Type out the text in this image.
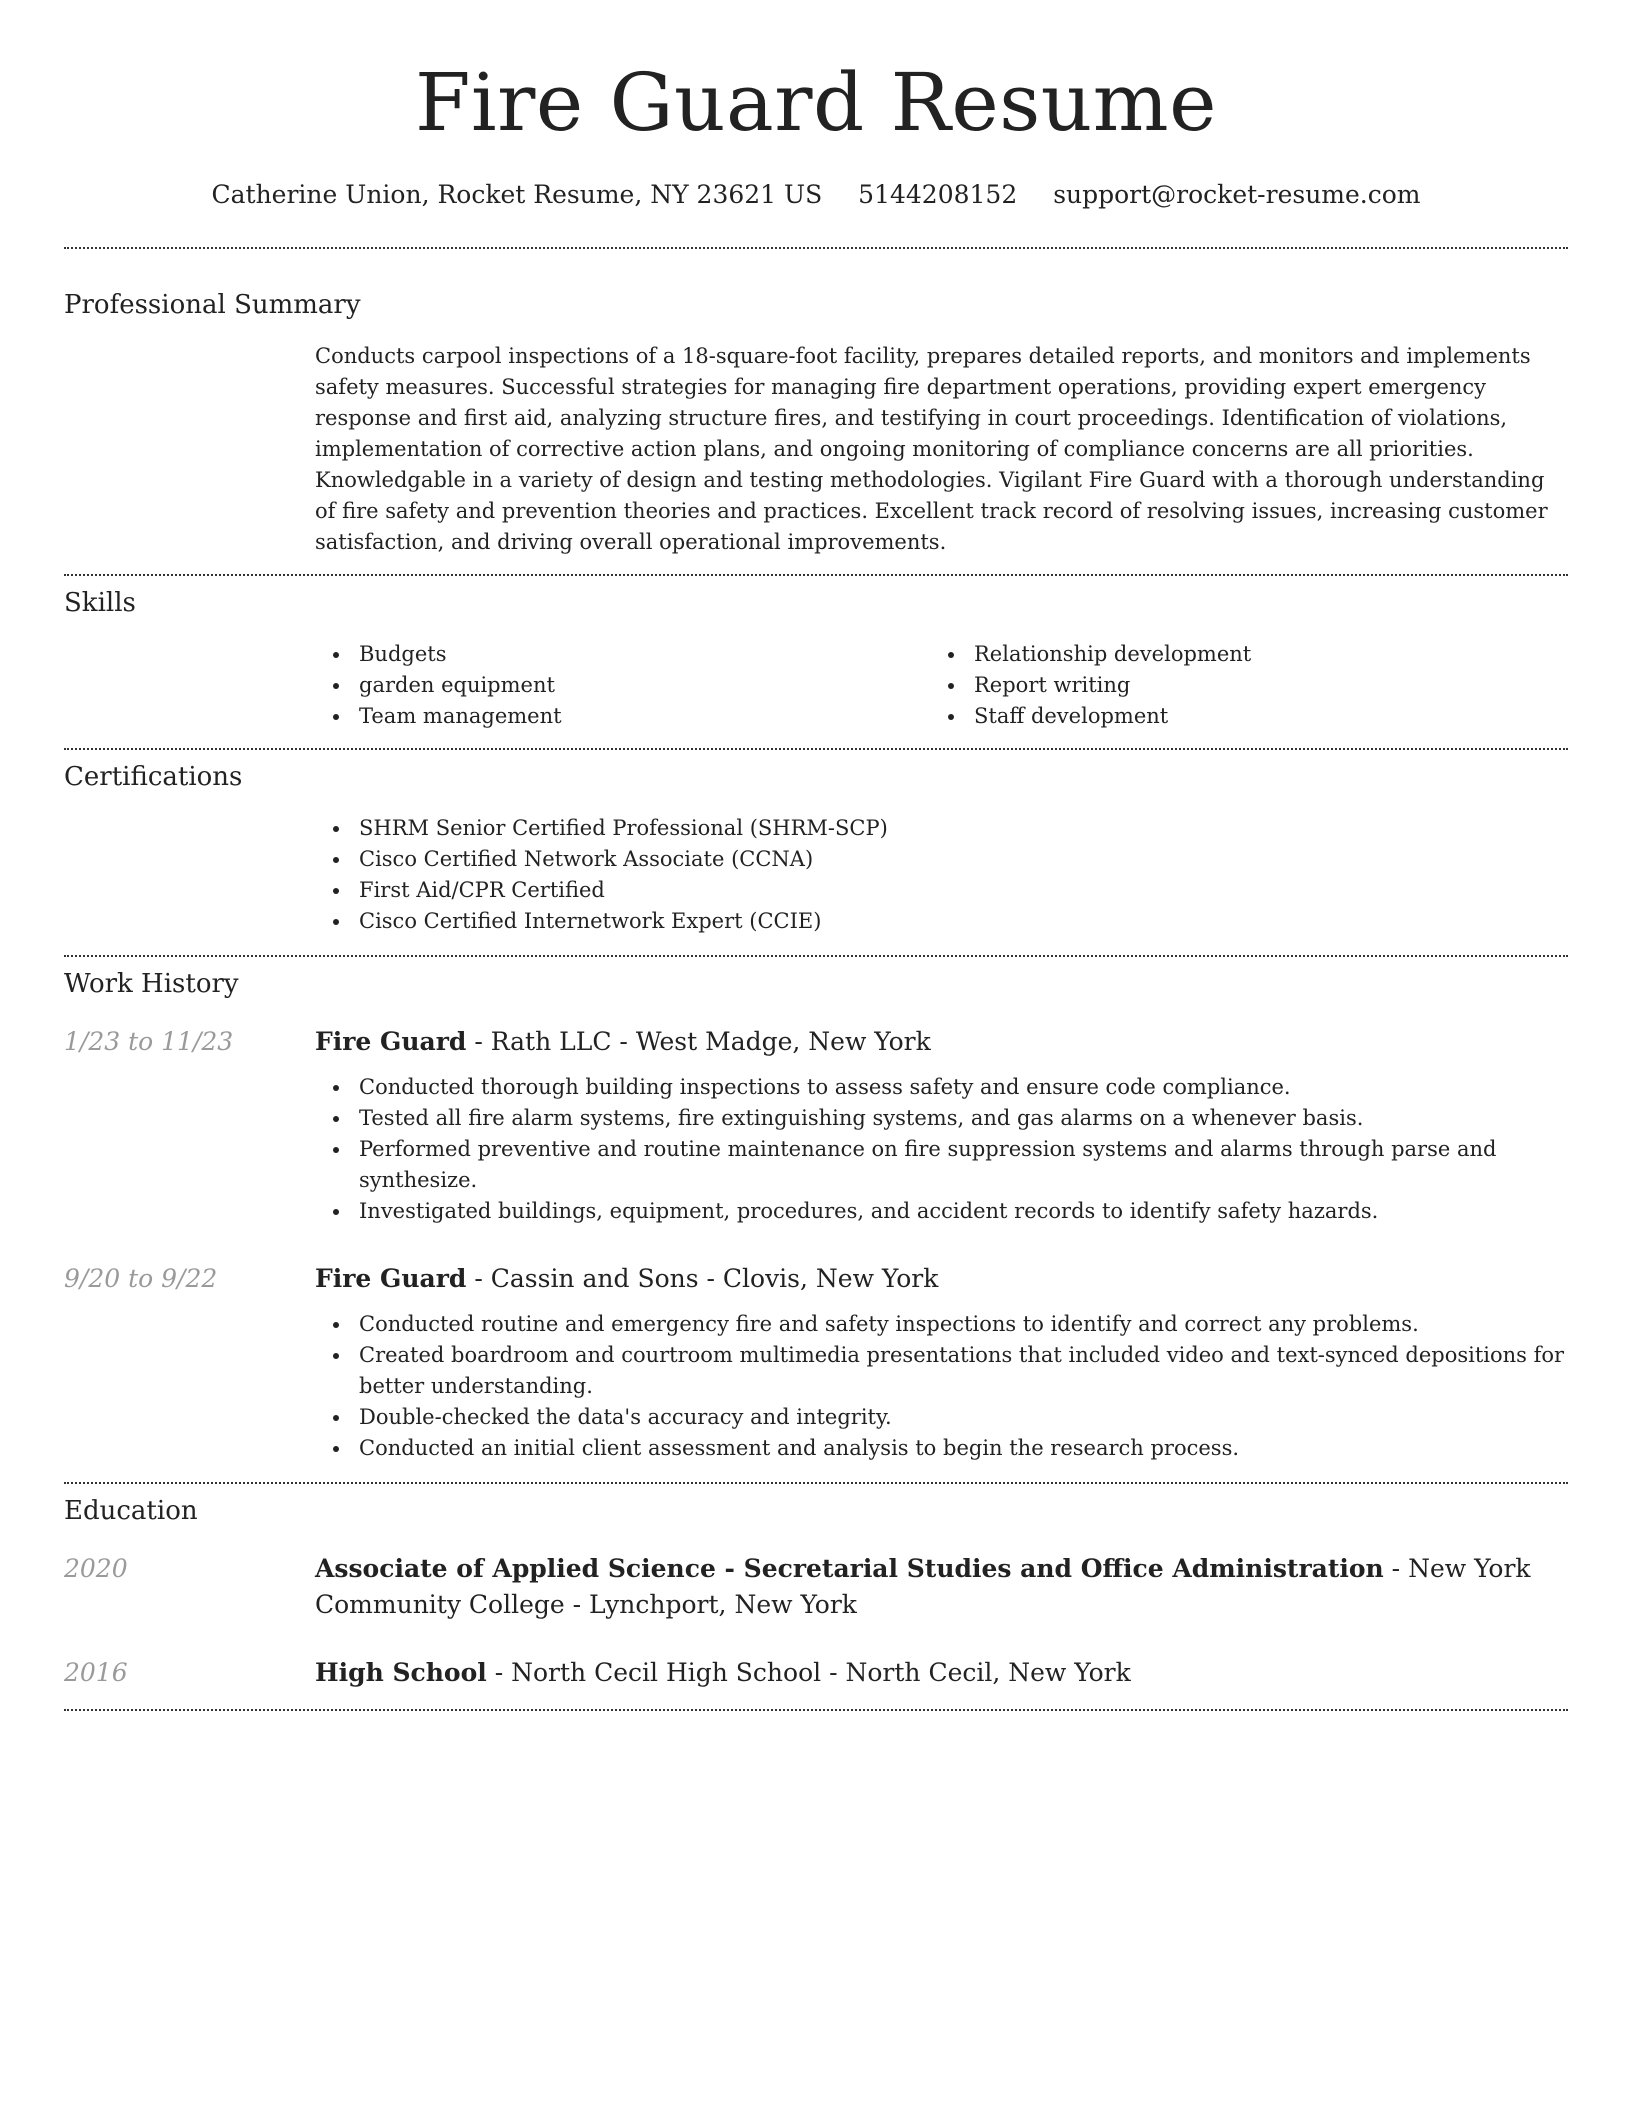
Fire Guard Resume
Catherine Union, Rocket Resume, NY 23621 US 5144208152 support@rocket-resume.com
Professional Summary

Conducts carpool inspections of a 18-square-foot facility, prepares detailed reports, and monitors and implements safety measures. Successful strategies for managing fire department operations, providing expert emergency response and first aid, analyzing structure fires, and testifying in court proceedings. Identification of violations, implementation of corrective action plans, and ongoing monitoring of compliance concerns are all priorities. Knowledgable in a variety of design and testing methodologies. Vigilant Fire Guard with a thorough understanding of fire safety and prevention theories and practices. Excellent track record of resolving issues, increasing customer satisfaction, and driving overall operational improvements.

Skills
Budgets
garden equipment
Team management
Relationship development
Report writing
Staff development
Certifications
SHRM Senior Certified Professional (SHRM-SCP)
Cisco Certified Network Associate (CCNA)
First Aid/CPR Certified
Cisco Certified Internetwork Expert (CCIE)
Work History
1/23 to 11/23	Fire Guard - Rath LLC - West Madge, New York
Conducted thorough building inspections to assess safety and ensure code compliance.
Tested all fire alarm systems, fire extinguishing systems, and gas alarms on a whenever basis.
Performed preventive and routine maintenance on fire suppression systems and alarms through parse and synthesize.
Investigated buildings, equipment, procedures, and accident records to identify safety hazards.
9/20 to 9/22	Fire Guard - Cassin and Sons - Clovis, New York
Conducted routine and emergency fire and safety inspections to identify and correct any problems.
Created boardroom and courtroom multimedia presentations that included video and text-synced depositions for better understanding.
Double-checked the data's accuracy and integrity.
Conducted an initial client assessment and analysis to begin the research process.
Education
2020	Associate of Applied Science - Secretarial Studies and Office Administration - New York Community College - Lynchport, New York
2016	High School - North Cecil High School - North Cecil, New York
